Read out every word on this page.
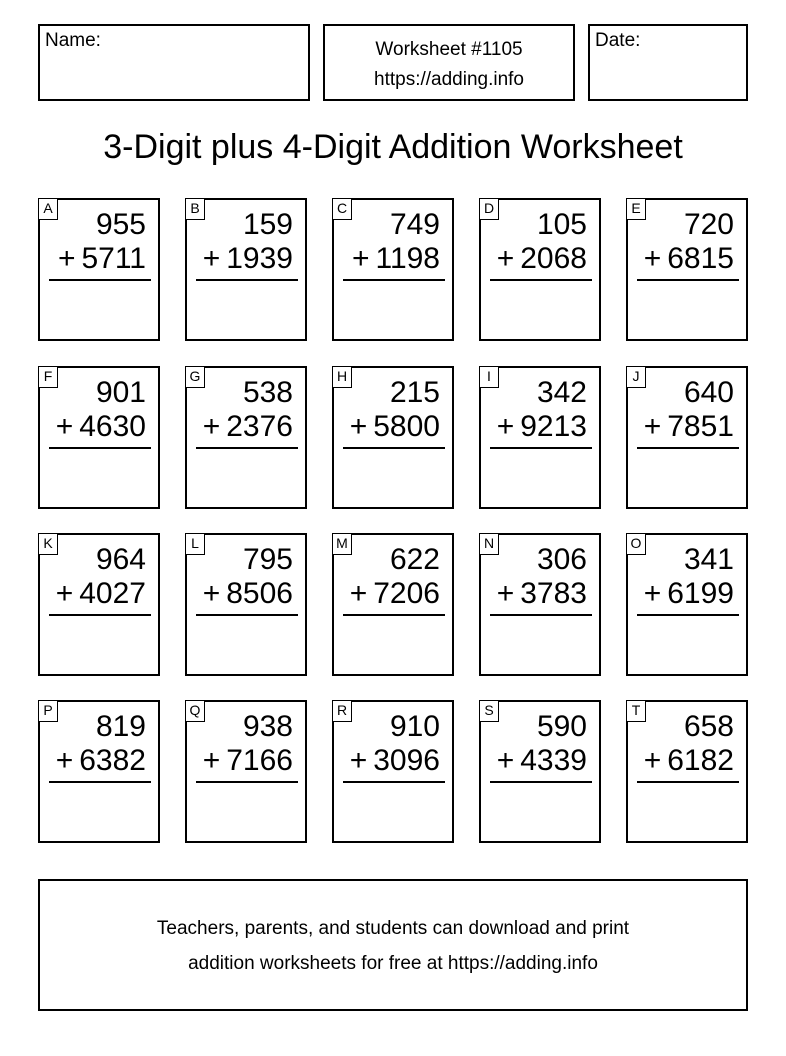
Name:	Worksheet #1105
https://adding.info
Date:
3-Digit plus 4-Digit Addition Worksheet
A 955
+ 5711
B 159
+ 1939
C 749
+ 1198
D 105
+ 2068
E 720
+ 6815
F 901
+ 4630
G 538
+ 2376
H 215
+ 5800
I 342
+ 9213
J 640
+ 7851
K 964
+ 4027
L 795
+ 8506
M 622
+ 7206
N 306
+ 3783
O 341
+ 6199
P 819
+ 6382
Q 938
+ 7166
R 910
+ 3096
S 590
+ 4339
T 658
+ 6182
Teachers, parents, and students can download and print
addition worksheets for free at https://adding.info
